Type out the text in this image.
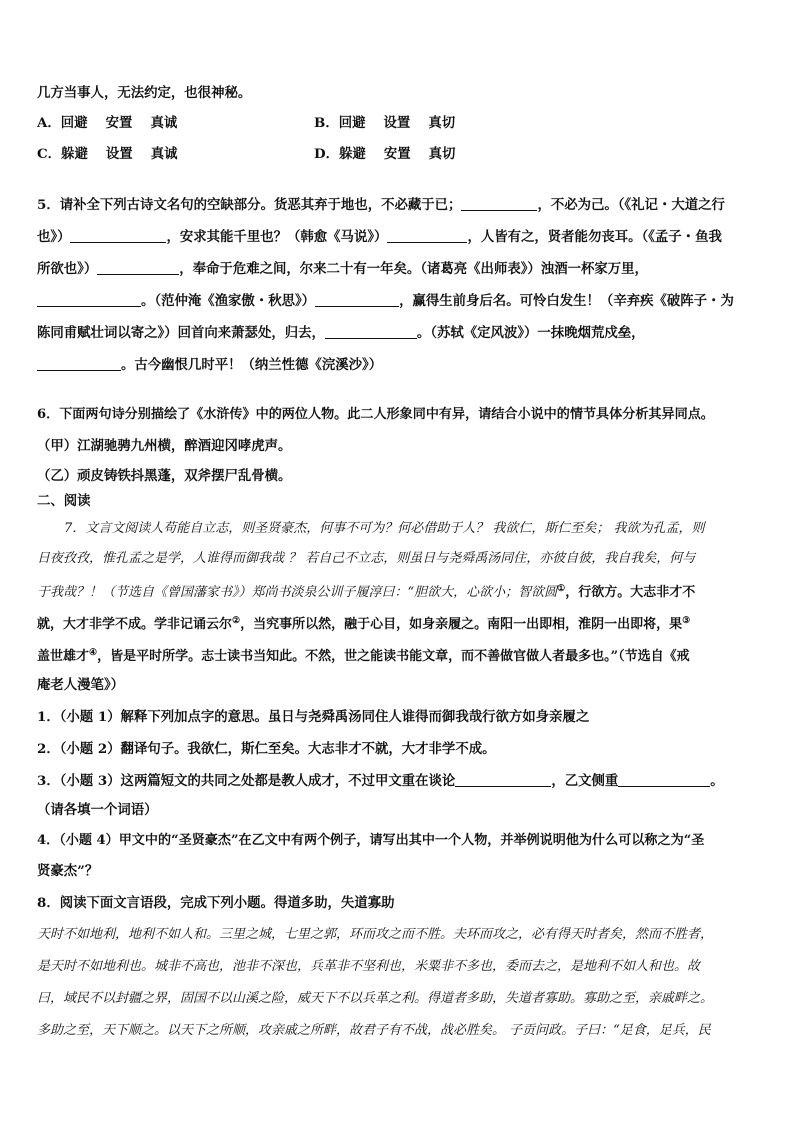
几方当事人，无法约定，也很神秘。
A．回避　 安置　 真诚	B．回避　 设置　 真切
C．躲避　 设置　 真诚	D．躲避　 安置　 真切
5．请补全下列古诗文名句的空缺部分。货恶其弃于地也，不必藏于已；	，不必为己。（《礼记・大道之行
也》）	，安求其能千里也？（韩愈《马说》）	，人皆有之，贤者能勿丧耳。（《孟子・鱼我
所欲也》）	，奉命于危难之间，尔来二十有一年矣。（诸葛亮《出师表》）浊酒一杯家万里，
。（范仲淹《渔家傲・秋思》）	，赢得生前身后名。可怜白发生！（辛弃疾《破阵子・为
陈同甫赋壮词以寄之》）回首向来萧瑟处，归去，	。（苏轼《定风波》）一抹晚烟荒戍垒，
。古今幽恨几时平！（纳兰性德《浣溪沙》）
6．下面两句诗分别描绘了《水浒传》中的两位人物。此二人形象同中有异，请结合小说中的情节具体分析其异同点。
（甲）江湖驰骋九州横，醉酒迎冈哮虎声。
（乙）顽皮铸铁抖黑蓬，双斧摆尸乱骨横。
二、阅读
7．文言文阅读人苟能自立志，则圣贤豪杰，何事不可为？何必借助于人？ 我欲仁，斯仁至矣； 我欲为孔孟，则
日夜孜孜，惟孔孟之是学，人谁得而御我哉 ？ 若自己不立志，则虽日与尧舜禹汤同住，亦彼自彼，我自我矣，何与
于我哉？！（节选自《曾国藩家书》）郑尚书淡泉公训子履淳曰：“胆欲大，心欲小；智欲圆①，行欲方。大志非才不
就，大才非学不成。学非记诵云尔②，当究事所以然，融于心目，如身亲履之。南阳一出即相，淮阴一出即将，果③
盖世雄才④，皆是平时所学。志士读书当知此。不然，世之能读书能文章，而不善做官做人者最多也。”（节选自《戒
庵老人漫笔》）
1．（小题 1）解释下列加点字的意思。虽日与尧舜禹汤同住人谁得而御我哉行欲方如身亲履之
2．（小题 2）翻译句子。我欲仁，斯仁至矣。大志非才不就，大才非学不成。
3．（小题 3）这两篇短文的共同之处都是教人成才，不过甲文重在谈论	，乙文侧重	。
（请各填一个词语）
4．（小题 4）甲文中的“圣贤豪杰”在乙文中有两个例子，请写出其中一个人物，并举例说明他为什么可以称之为“圣
贤豪杰”？
8．阅读下面文言语段，完成下列小题。得道多助，失道寡助
天时不如地利，地利不如人和。三里之城，七里之郭，环而攻之而不胜。夫环而攻之，必有得天时者矣，然而不胜者，
是天时不如地利也。城非不高也，池非不深也，兵革非不坚利也，米粟非不多也，委而去之，是地利不如人和也。故
曰，域民不以封疆之界，固国不以山溪之险，威天下不以兵革之利。得道者多助，失道者寡助。寡助之至，亲戚畔之。
多助之至，天下顺之。以天下之所顺，攻亲戚之所畔，故君子有不战，战必胜矣。 子贡问政。子曰：“足食，足兵，民
